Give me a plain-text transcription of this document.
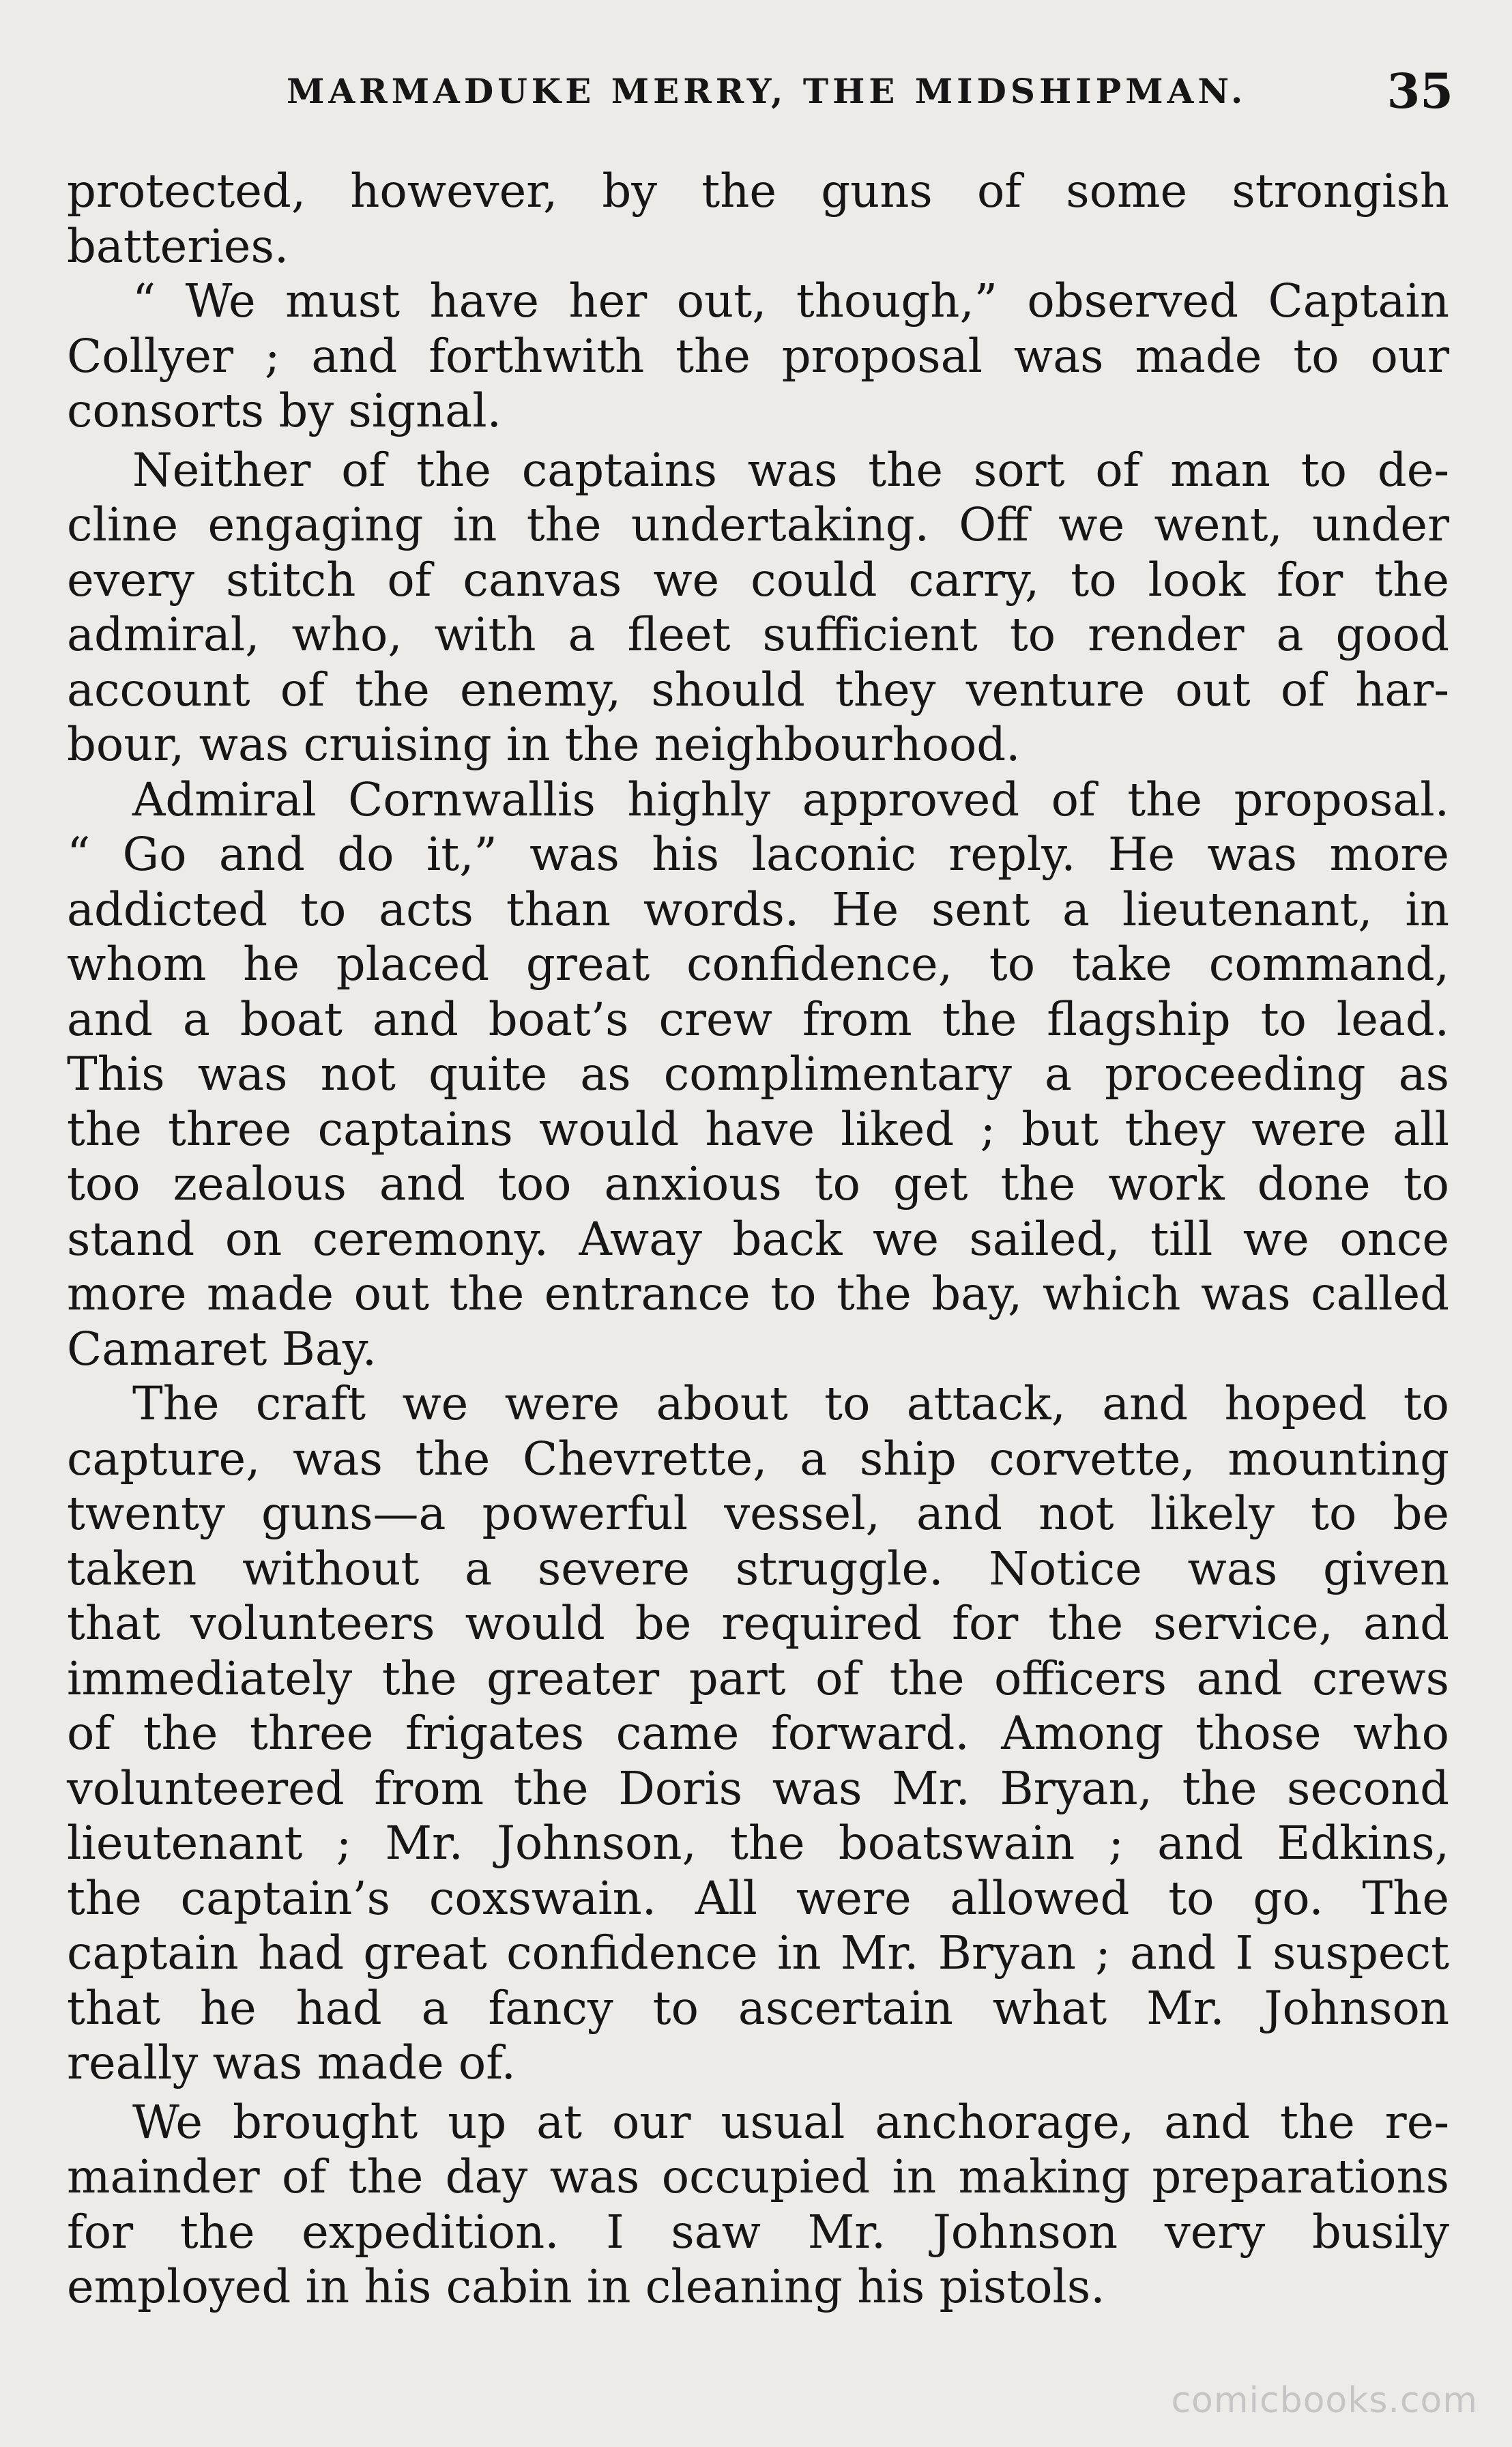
MARMADUKE MERRY, THE MIDSHIPMAN.	35
protected, however, by the guns of some strongish
batteries.
“ We must have her out, though,” observed Captain
Collyer ; and forthwith the proposal was made to our
consorts by signal.
Neither of the captains was the sort of man to de-
cline engaging in the undertaking. Off we went, under
every stitch of canvas we could carry, to look for the
admiral, who, with a fleet sufficient to render a good
account of the enemy, should they venture out of har-
bour, was cruising in the neighbourhood.
Admiral Cornwallis highly approved of the proposal.
“ Go and do it,” was his laconic reply. He was more
addicted to acts than words. He sent a lieutenant, in
whom he placed great confidence, to take command,
and a boat and boat’s crew from the flagship to lead.
This was not quite as complimentary a proceeding as
the three captains would have liked ; but they were all
too zealous and too anxious to get the work done to
stand on ceremony. Away back we sailed, till we once
more made out the entrance to the bay, which was called
Camaret Bay.
The craft we were about to attack, and hoped to
capture, was the Chevrette, a ship corvette, mounting
twenty guns—a powerful vessel, and not likely to be
taken without a severe struggle. Notice was given
that volunteers would be required for the service, and
immediately the greater part of the officers and crews
of the three frigates came forward. Among those who
volunteered from the Doris was Mr. Bryan, the second
lieutenant ; Mr. Johnson, the boatswain ; and Edkins,
the captain’s coxswain. All were allowed to go. The
captain had great confidence in Mr. Bryan ; and I suspect
that he had a fancy to ascertain what Mr. Johnson
really was made of.
We brought up at our usual anchorage, and the re-
mainder of the day was occupied in making preparations
for the expedition. I saw Mr. Johnson very busily
employed in his cabin in cleaning his pistols.
comicbooks.com
